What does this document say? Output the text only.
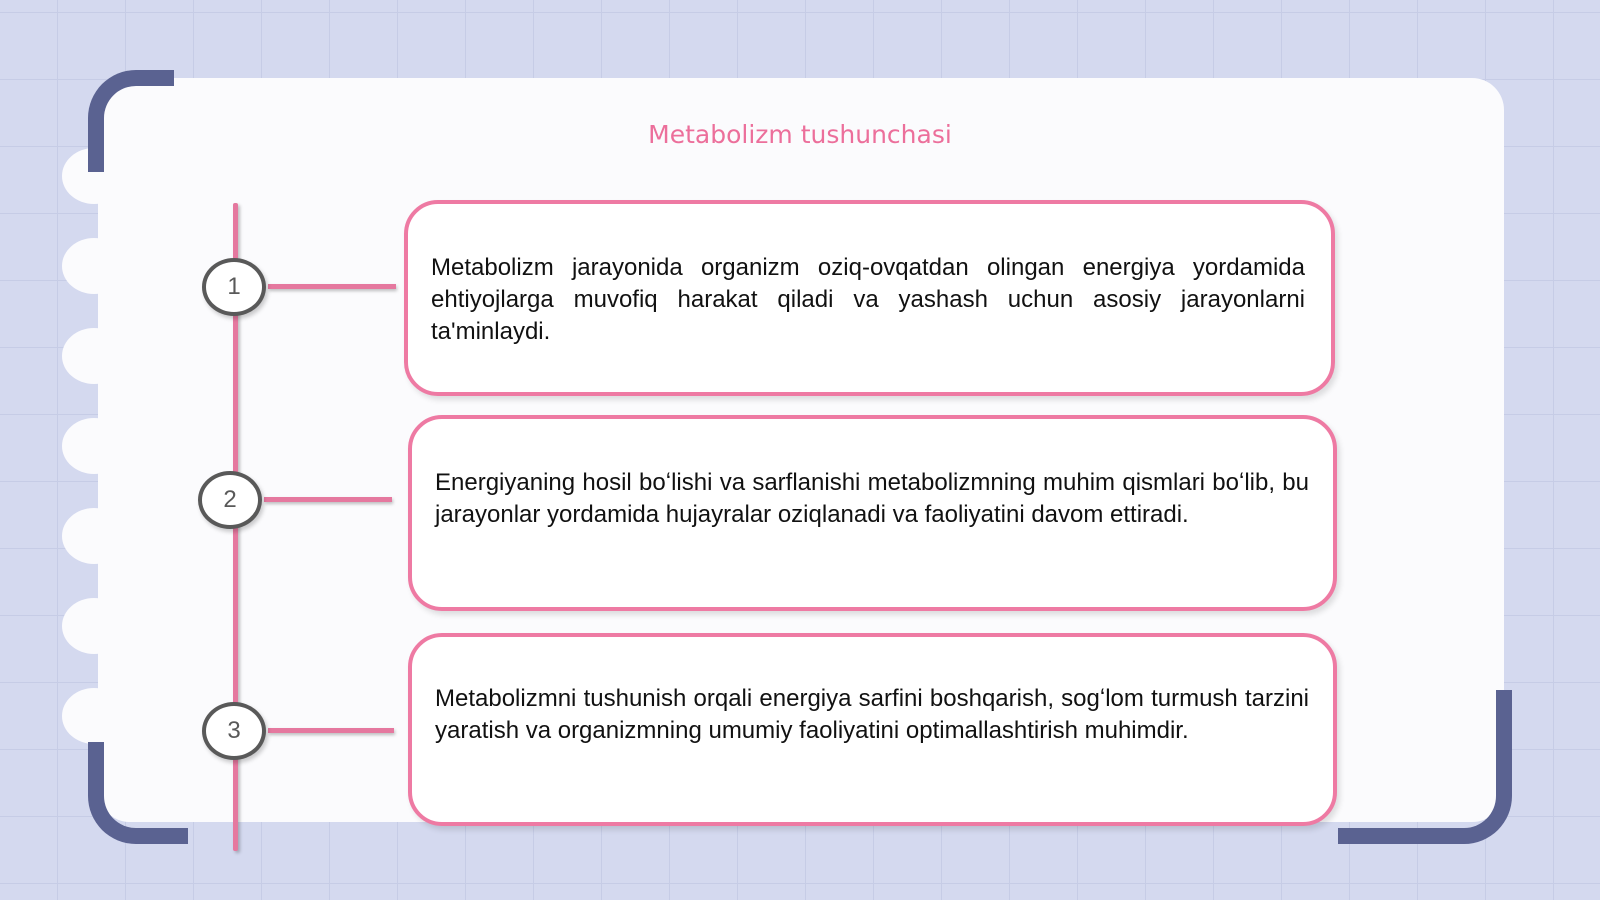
Metabolizm tushunchasi
1

Metabolizm jarayonida organizm oziq-ovqatdan olingan energiya yordamida ehtiyojlarga muvofiq harakat qiladi va yashash uchun asosiy jarayonlarni ta'minlaydi.

2

Energiyaning hosil boʻlishi va sarflanishi metabolizmning muhim qismlari boʻlib, bu jarayonlar yordamida hujayralar oziqlanadi va faoliyatini davom ettiradi.

3

Metabolizmni tushunish orqali energiya sarfini boshqarish, sogʻlom turmush tarzini yaratish va organizmning umumiy faoliyatini optimallashtirish muhimdir.
